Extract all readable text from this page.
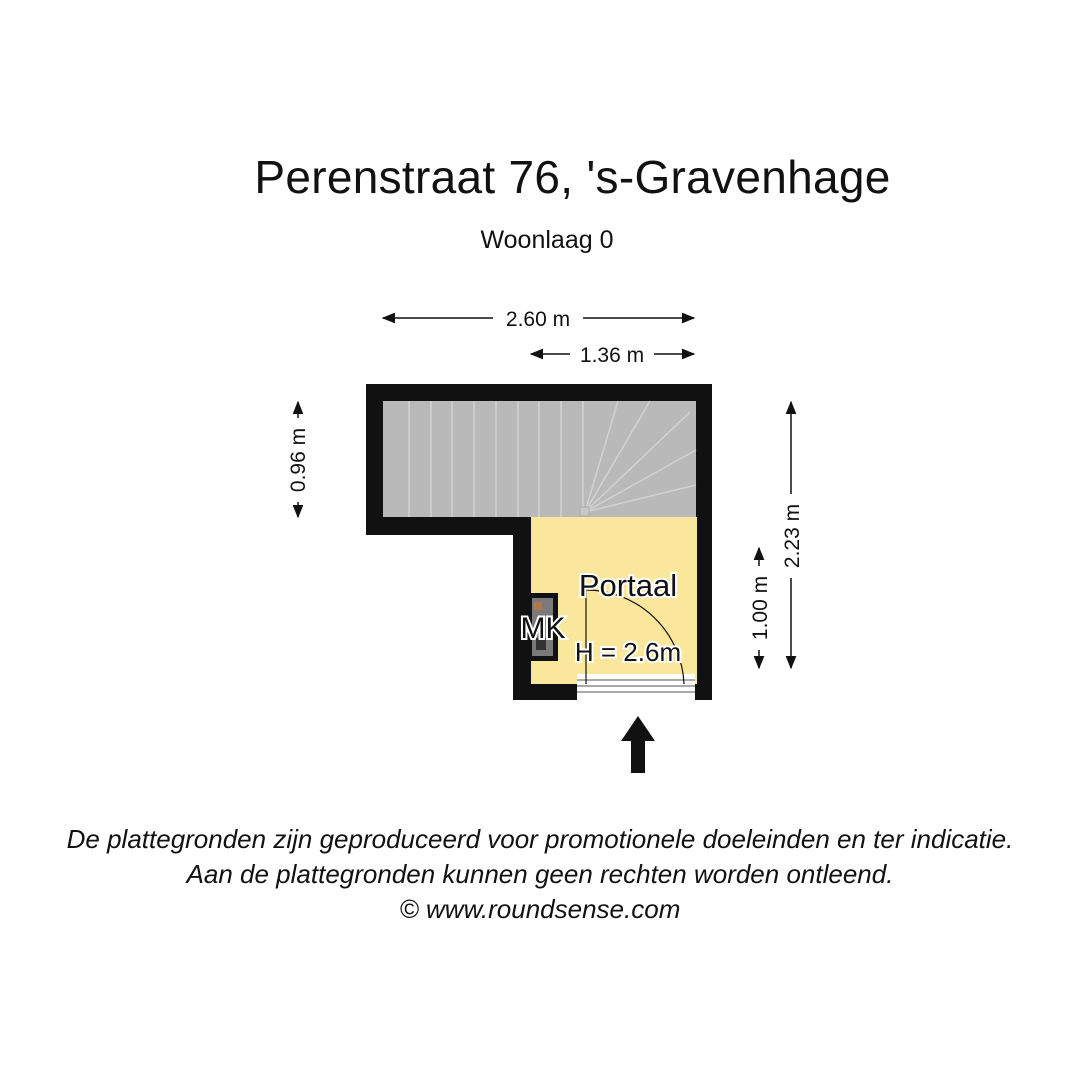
Perenstraat 76, 's-Gravenhage
Woonlaag 0
Portaal
MK
H = 2.6m
2.60 m
1.36 m
0.96 m
2.23 m
1.00 m
De plattegronden zijn geproduceerd voor promotionele doeleinden en ter indicatie.
Aan de plattegronden kunnen geen rechten worden ontleend.
© www.roundsense.com
